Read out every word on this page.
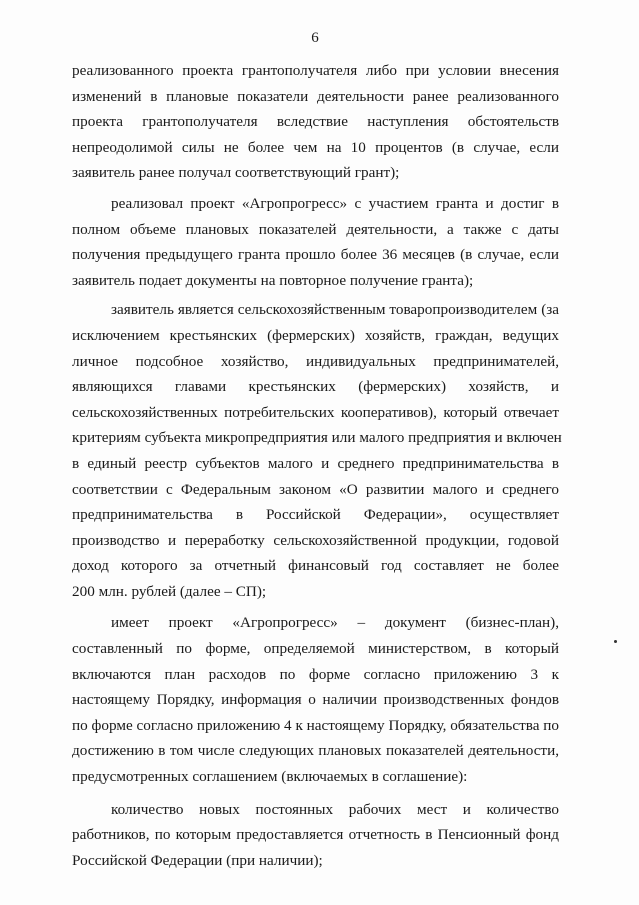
6

реализованного проекта грантополучателя либо при условии внесения
изменений в плановые показатели деятельности ранее реализованного
проекта грантополучателя вследствие наступления обстоятельств
непреодолимой силы не более чем на 10 процентов (в случае, если
заявитель ранее получал соответствующий грант);

реализовал проект «Агропрогресс» с участием гранта и достиг в
полном объеме плановых показателей деятельности, а также с даты
получения предыдущего гранта прошло более 36 месяцев (в случае, если
заявитель подает документы на повторное получение гранта);

заявитель является сельскохозяйственным товаропроизводителем (за
исключением крестьянских (фермерских) хозяйств, граждан, ведущих
личное подсобное хозяйство, индивидуальных предпринимателей,
являющихся главами крестьянских (фермерских) хозяйств, и
сельскохозяйственных потребительских кооперативов), который отвечает
критериям субъекта микропредприятия или малого предприятия и включен
в единый реестр субъектов малого и среднего предпринимательства в
соответствии с Федеральным законом «О развитии малого и среднего
предпринимательства в Российской Федерации», осуществляет
производство и переработку сельскохозяйственной продукции, годовой
доход которого за отчетный финансовый год составляет не более
200 млн. рублей (далее – СП);

имеет проект «Агропрогресс» – документ (бизнес-план),
составленный по форме, определяемой министерством, в который
включаются план расходов по форме согласно приложению 3 к
настоящему Порядку, информация о наличии производственных фондов
по форме согласно приложению 4 к настоящему Порядку, обязательства по
достижению в том числе следующих плановых показателей деятельности,
предусмотренных соглашением (включаемых в соглашение):

количество новых постоянных рабочих мест и количество
работников, по которым предоставляется отчетность в Пенсионный фонд
Российской Федерации (при наличии);
